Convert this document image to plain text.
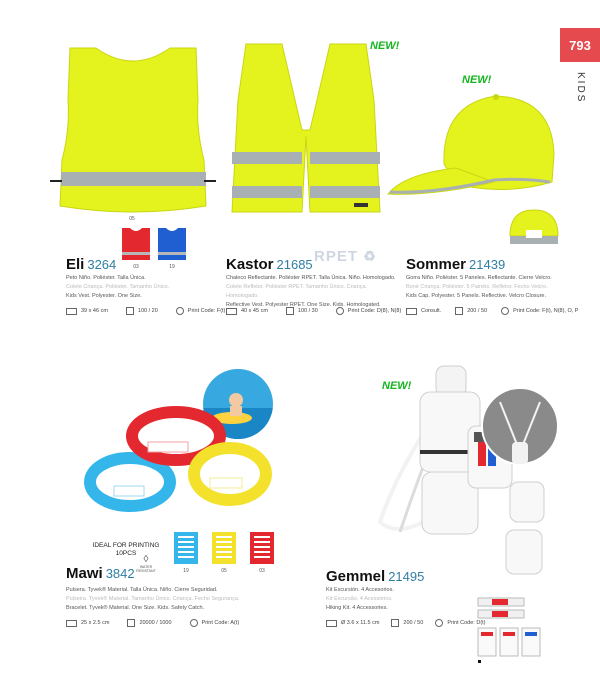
793
KIDS
05
03	19
Eli 3264
Peto Niño. Poliéster. Talla Única.
Colete Criança. Poliéster. Tamanho Único.
Kids Vest. Polyester. One Size.
39 x 46 cm	100 / 20	Print Code: F(t)
NEW!
Kastor 21685 RPET ♻
Chaleco Reflectante. Poliéster RPET. Talla Única. Niño. Homologado.
Colete Refletor. Poliéster RPET. Tamanho Único. Criança. Homologado.
Reflective Vest. Polyester RPET. One Size. Kids. Homologated.
40 x 45 cm	100 / 30	Print Code: D(8), N(8)
NEW!
Sommer 21439
Gorra Niño. Poliéster. 5 Paneles. Reflectante. Cierre Velcro.
Boné Criança. Poliéster. 5 Painéis. Refletor. Fecho Velcro.
Kids Cap. Polyester. 5 Panels. Reflective. Velcro Closure.
Consult.	200 / 50	Print Code: F(t), N(8), O, P
IDEAL FOR PRINTING
10PCS
◊
WATER RESISTANT	19	05	03
Mawi 3842
Pulsera. Tyvek® Material. Talla Única. Niño. Cierre Seguridad.
Pulseira. Tyvek® Material. Tamanho Único. Criança. Fecho Segurança.
Bracelet. Tyvek® Material. One Size. Kids. Safety Catch.
25 x 2.5 cm	20000 / 1000	Print Code: A(t)
NEW!
Gemmel 21495
Kit Excursión. 4 Accesorios.
Kit Excursão. 4 Acessórios.
Hiking Kit. 4 Accessories.
Ø 3.6 x 11.5 cm	200 / 50	Print Code: D(t)
